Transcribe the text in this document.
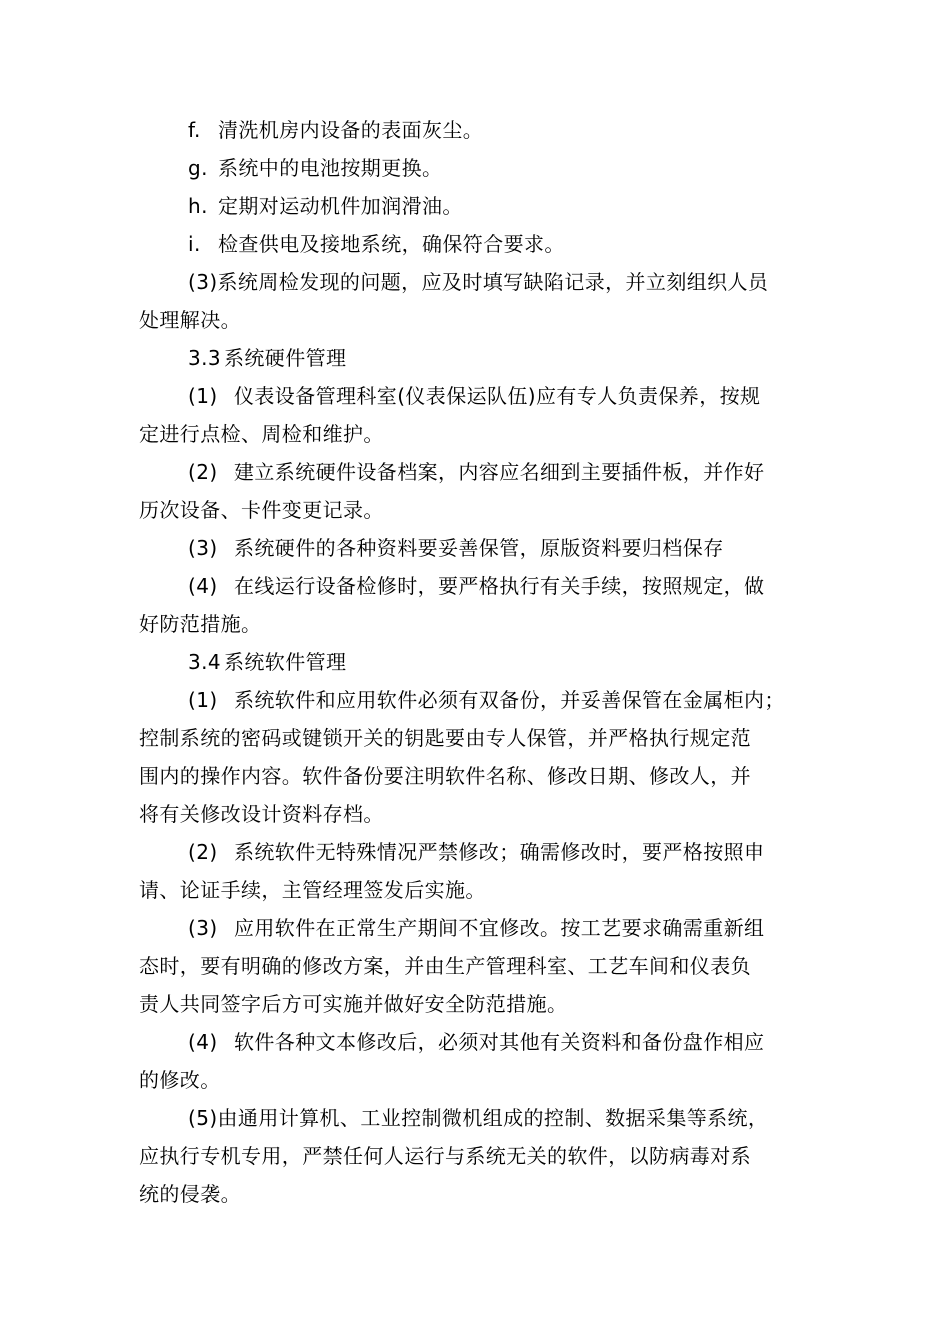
f. 清洗机房内设备的表面灰尘。
g. 系统中的电池按期更换。
h. 定期对运动机件加润滑油。
i. 检查供电及接地系统，确保符合要求。
(3)系统周检发现的问题，应及时填写缺陷记录，并立刻组织人员
处理解决。
3.3 系统硬件管理
(1) 仪表设备管理科室(仪表保运队伍)应有专人负责保养，按规
定进行点检、周检和维护。
(2) 建立系统硬件设备档案，内容应名细到主要插件板，并作好
历次设备、卡件变更记录。
(3) 系统硬件的各种资料要妥善保管，原版资料要归档保存
(4) 在线运行设备检修时，要严格执行有关手续，按照规定，做
好防范措施。
3.4 系统软件管理
(1) 系统软件和应用软件必须有双备份，并妥善保管在金属柜内；
控制系统的密码或键锁开关的钥匙要由专人保管，并严格执行规定范
围内的操作内容。软件备份要注明软件名称、修改日期、修改人，并
将有关修改设计资料存档。
(2) 系统软件无特殊情况严禁修改；确需修改时，要严格按照申
请、论证手续，主管经理签发后实施。
(3) 应用软件在正常生产期间不宜修改。按工艺要求确需重新组
态时，要有明确的修改方案，并由生产管理科室、工艺车间和仪表负
责人共同签字后方可实施并做好安全防范措施。
(4) 软件各种文本修改后，必须对其他有关资料和备份盘作相应
的修改。
(5)由通用计算机、工业控制微机组成的控制、数据采集等系统，
应执行专机专用，严禁任何人运行与系统无关的软件，以防病毒对系
统的侵袭。
